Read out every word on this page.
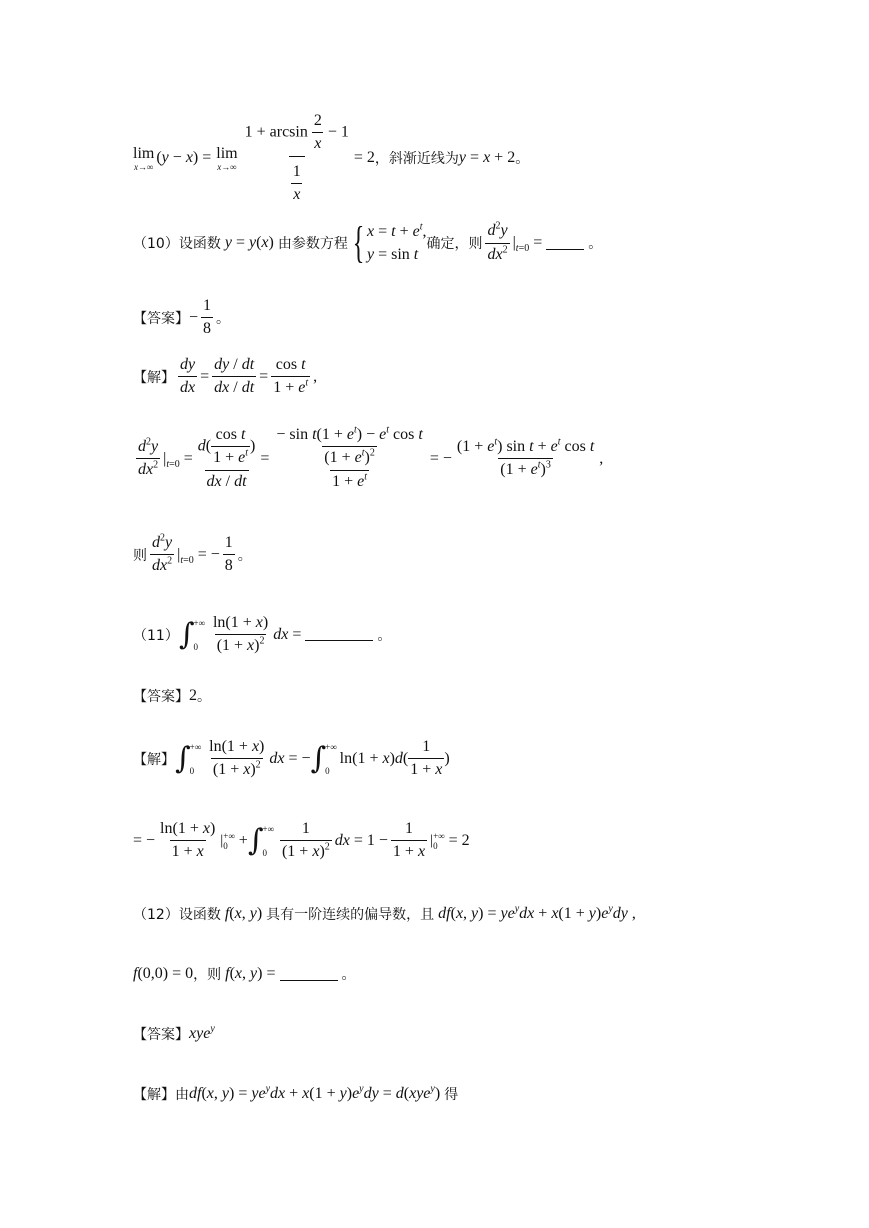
lim
x→∞
(y − x) = lim
$x\to\infty \frac{1 + \arcsin \frac{2}{x} - 1}{\frac{1}{x}} = 2$ ，斜渐近线为 y = x + 2 。
（10） 设函数 y = y(x) 由参数方程 { $x = t + e^t$,
y = sin t
确定，则 $\frac{d^2y}{dx^2} |_{t=0}$ =	。
【答案】 − $\frac{1}{8}$ 。
【解】 $\frac{dy}{dx} = \frac{dy / dt}{dx / dt} = \frac{\text{cos t}}{1 + e^t}$ ,
$\frac{d^2y}{dx^2} |_{t=0} = \frac{d( \frac{\text{cos t}}{1 + e^t} )}{dx / dt} = \frac{\frac{- \sin t(1 + e^t) - e^t \cos t}{(1 + e^t)^2}}{1 + e^t}$ = − $\frac{(1 + e^t) \sin t + e^t \cos t}{(1 + e^t)^3}$ ,
则 $\frac{d^2y}{dx^2} |_{t=0}$ = − $\frac{1}{8}$ 。
（11） ∫ +∞
$0 \frac{\ln(1 + x)}{(1 + x)^2}$ dx =	。
【答案】 2 。
【解】 ∫ +∞
$0 \frac{\ln(1 + x)}{(1 + x)^2}$ dx = − ∫ +∞
0
$\ln(1 + x)d( \frac{1}{1 + x}$ )
= − $\frac{\ln(1 + x)}{1 + x}$ | +∞
0 + ∫ +∞
$0 \frac{1}{(1 + x)^2}$ dx = $1 - \frac{1}{1 + x}$ | +∞
0 = 2
（12） 设函数 f(x, y) 具有一阶连续的偏导数，且 df(x, $y) = ye^ydx + x(1 + y)e^ydy$ ,
f(0,0) = 0 ，则 f(x, y) =	。
【答案】 xye$^y$
【解】 由 df(x, $y) = ye^ydx + x(1 + y)e^ydy = d(xye^y)$ 得
